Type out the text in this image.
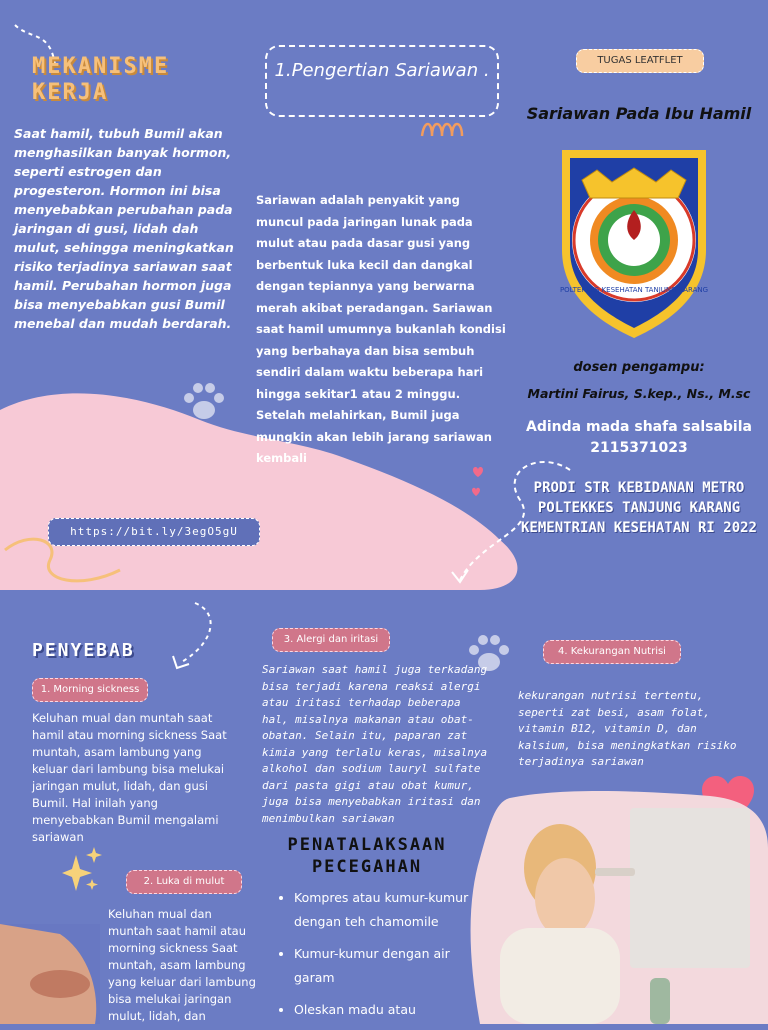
MEKANISME KERJA
Saat hamil, tubuh Bumil akan menghasilkan banyak hormon, seperti estrogen dan progesteron. Hormon ini bisa menyebabkan perubahan pada jaringan di gusi, lidah dah mulut, sehingga meningkatkan risiko terjadinya sariawan saat hamil. Perubahan hormon juga bisa menyebabkan gusi Bumil menebal dan mudah berdarah.
1.Pengertian Sariawan .
Sariawan adalah penyakit yang muncul pada jaringan lunak pada mulut atau pada dasar gusi yang berbentuk luka kecil dan dangkal dengan tepiannya yang berwarna merah akibat peradangan. Sariawan saat hamil umumnya bukanlah kondisi yang berbahaya dan bisa sembuh sendiri dalam waktu beberapa hari hingga sekitar1 atau 2 minggu. Setelah melahirkan, Bumil juga mungkin akan lebih jarang sariawan kembali
https://bit.ly/3egO5gU
TUGAS LEATFLET
Sariawan Pada Ibu Hamil
POLTEKKES KESEHATAN TANJUNG KARANG
dosen pengampu:
Martini Fairus, S.kep., Ns., M.sc
Adinda mada shafa salsabila
2115371023
PRODI STR KEBIDANAN METRO POLTEKKES TANJUNG KARANG KEMENTRIAN KESEHATAN RI 2022
PENYEBAB
1. Morning sickness
Keluhan mual dan muntah saat hamil atau morning sickness Saat muntah, asam lambung yang keluar dari lambung bisa melukai jaringan mulut, lidah, dan gusi Bumil. Hal inilah yang menyebabkan Bumil mengalami sariawan
2. Luka di mulut
Keluhan mual dan muntah saat hamil atau morning sickness Saat muntah, asam lambung yang keluar dari lambung bisa melukai jaringan mulut, lidah, dan
3. Alergi dan iritasi
Sariawan saat hamil juga terkadang bisa terjadi karena reaksi alergi atau iritasi terhadap beberapa hal, misalnya makanan atau obat-obatan. Selain itu, paparan zat kimia yang terlalu keras, misalnya alkohol dan sodium lauryl sulfate dari pasta gigi atau obat kumur, juga bisa menyebabkan iritasi dan menimbulkan sariawan
4. Kekurangan Nutrisi
kekurangan nutrisi tertentu, seperti zat besi, asam folat, vitamin B12, vitamin D, dan kalsium, bisa meningkatkan risiko terjadinya sariawan
PENATALAKSAAN
PECEGAHAN
• Kompres atau kumur-kumur dengan teh chamomile
• Kumur-kumur dengan air garam
• Oleskan madu atau
